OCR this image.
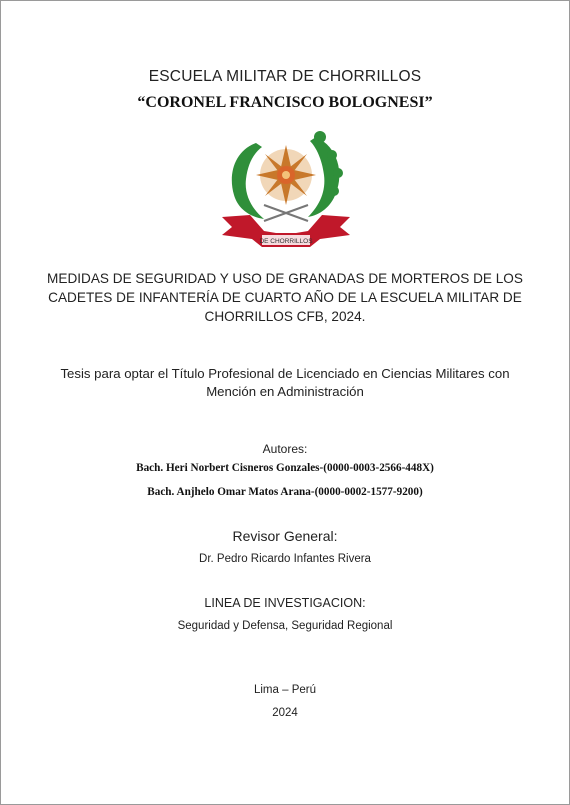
ESCUELA MILITAR DE CHORRILLOS
“CORONEL FRANCISCO BOLOGNESI”
DE CHORRILLOS
MEDIDAS DE SEGURIDAD Y USO DE GRANADAS DE MORTEROS DE LOS CADETES DE INFANTERÍA DE CUARTO AÑO DE LA ESCUELA MILITAR DE CHORRILLOS CFB, 2024.
Tesis para optar el Título Profesional de Licenciado en Ciencias Militares con Mención en Administración
Autores:
Bach. Heri Norbert Cisneros Gonzales-(0000-0003-2566-448X)
Bach. Anjhelo Omar Matos Arana-(0000-0002-1577-9200)
Revisor General:
Dr. Pedro Ricardo Infantes Rivera
LINEA DE INVESTIGACION:
Seguridad y Defensa, Seguridad Regional
Lima – Perú
2024
